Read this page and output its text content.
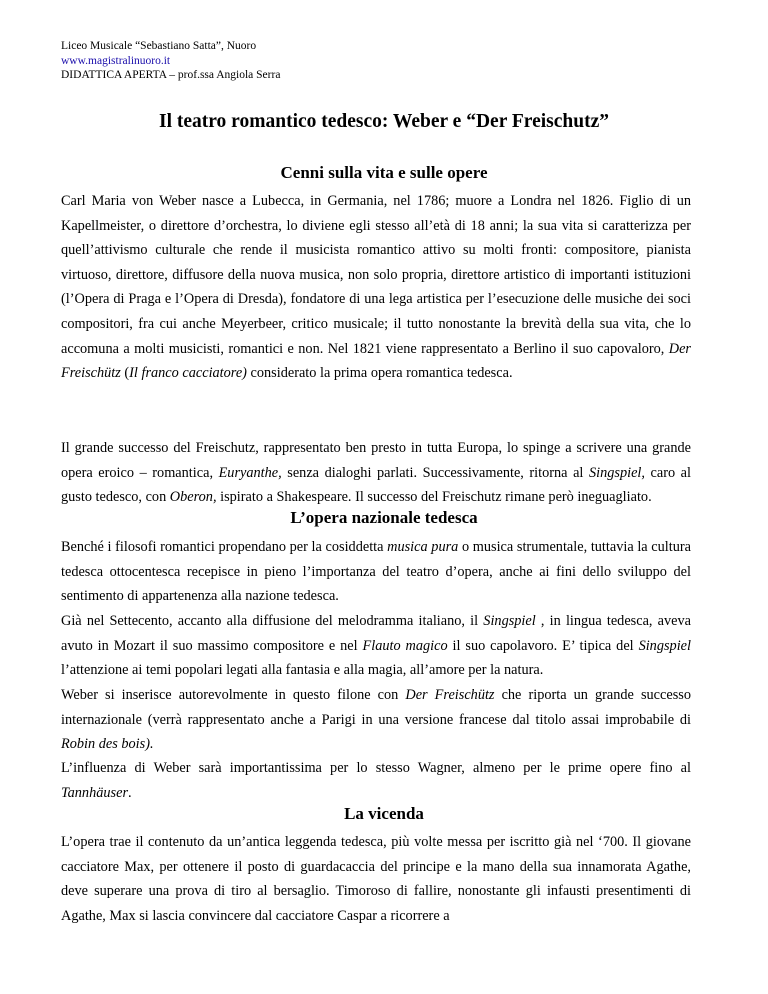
Liceo Musicale “Sebastiano Satta”, Nuoro
www.magistralinuoro.it
DIDATTICA APERTA – prof.ssa Angiola Serra
Il teatro romantico tedesco: Weber e “Der Freischutz”
Cenni sulla vita e sulle opere

Carl Maria von Weber nasce a Lubecca, in Germania, nel 1786; muore a Londra nel 1826. Figlio di un Kapellmeister, o direttore d’orchestra, lo diviene egli stesso all’età di 18 anni; la sua vita si caratterizza per quell’attivismo culturale che rende il musicista romantico attivo su molti fronti: compositore, pianista virtuoso, direttore, diffusore della nuova musica, non solo propria, direttore artistico di importanti istituzioni (l’Opera di Praga e l’Opera di Dresda), fondatore di una lega artistica per l’esecuzione delle musiche dei soci compositori, fra cui anche Meyerbeer, critico musicale; il tutto nonostante la brevità della sua vita, che lo accomuna a molti musicisti, romantici e non. Nel 1821 viene rappresentato a Berlino il suo capovaloro, Der Freischütz (Il franco cacciatore) considerato la prima opera romantica tedesca.

Il grande successo del Freischutz, rappresentato ben presto in tutta Europa, lo spinge a scrivere una grande opera eroico – romantica, Euryanthe, senza dialoghi parlati. Successivamente, ritorna al Singspiel, caro al gusto tedesco, con Oberon, ispirato a Shakespeare. Il successo del Freischutz rimane però ineguagliato.

L’opera nazionale tedesca

Benché i filosofi romantici propendano per la cosiddetta musica pura o musica strumentale, tuttavia la cultura tedesca ottocentesca recepisce in pieno l’importanza del teatro d’opera, anche ai fini dello sviluppo del sentimento di appartenenza alla nazione tedesca.

Già nel Settecento, accanto alla diffusione del melodramma italiano, il Singspiel , in lingua tedesca, aveva avuto in Mozart il suo massimo compositore e nel Flauto magico il suo capolavoro. E’ tipica del Singspiel l’attenzione ai temi popolari legati alla fantasia e alla magia, all’amore per la natura.

Weber si inserisce autorevolmente in questo filone con Der Freischütz che riporta un grande successo internazionale (verrà rappresentato anche a Parigi in una versione francese dal titolo assai improbabile di Robin des bois).

L’influenza di Weber sarà importantissima per lo stesso Wagner, almeno per le prime opere fino al Tannhäuser.

La vicenda

L’opera trae il contenuto da un’antica leggenda tedesca, più volte messa per iscritto già nel ‘700. Il giovane cacciatore Max, per ottenere il posto di guardacaccia del principe e la mano della sua innamorata Agathe, deve superare una prova di tiro al bersaglio. Timoroso di fallire, nonostante gli infausti presentimenti di Agathe, Max si lascia convincere dal cacciatore Caspar a ricorrere a
